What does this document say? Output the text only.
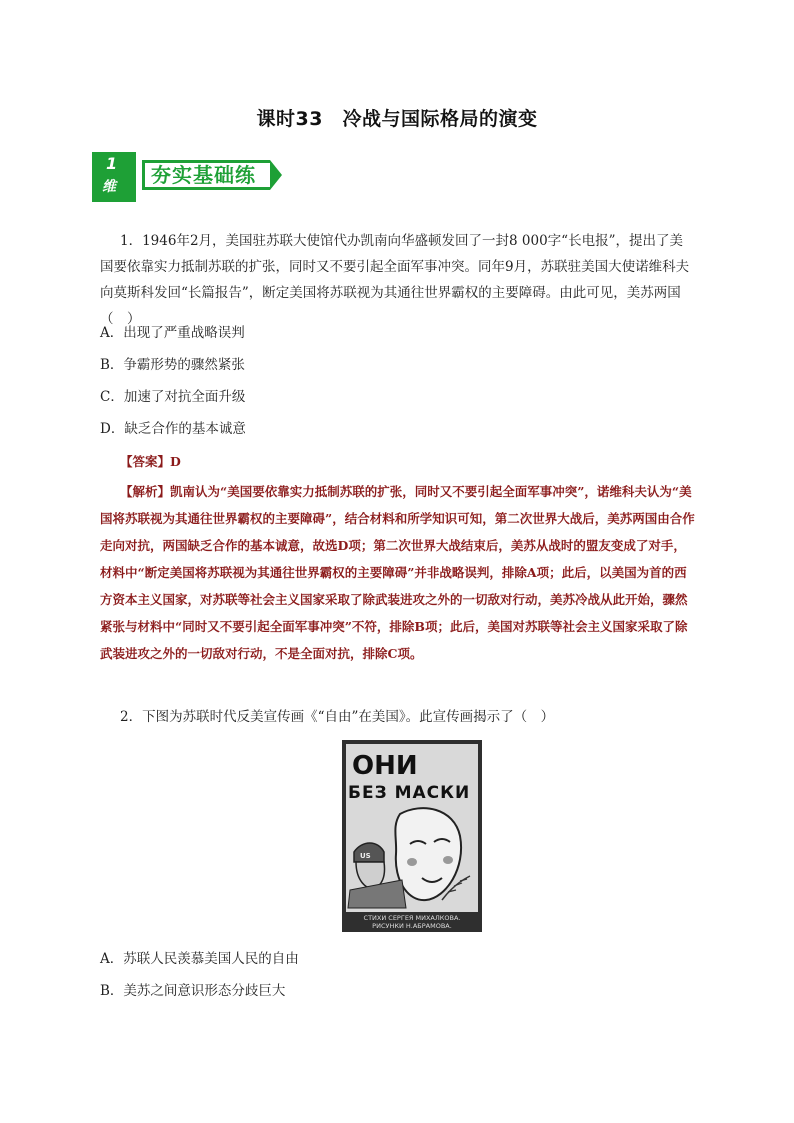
课时33　冷战与国际格局的演变
1
维	夯实基础练
1．1946年2月，美国驻苏联大使馆代办凯南向华盛顿发回了一封8 000字“长电报”，提出了美国要依靠实力抵制苏联的扩张，同时又不要引起全面军事冲突。同年9月，苏联驻美国大使诺维科夫向莫斯科发回“长篇报告”，断定美国将苏联视为其通往世界霸权的主要障碍。由此可见，美苏两国（　）
A．出现了严重战略误判
B．争霸形势的骤然紧张
C．加速了对抗全面升级
D．缺乏合作的基本诚意
【答案】D
【解析】凯南认为“美国要依靠实力抵制苏联的扩张，同时又不要引起全面军事冲突”，诺维科夫认为“美国将苏联视为其通往世界霸权的主要障碍”，结合材料和所学知识可知，第二次世界大战后，美苏两国由合作走向对抗，两国缺乏合作的基本诚意，故选D项；第二次世界大战结束后，美苏从战时的盟友变成了对手，材料中“断定美国将苏联视为其通往世界霸权的主要障碍”并非战略误判，排除A项；此后，以美国为首的西方资本主义国家，对苏联等社会主义国家采取了除武装进攻之外的一切敌对行动，美苏冷战从此开始，骤然紧张与材料中“同时又不要引起全面军事冲突”不符，排除B项；此后，美国对苏联等社会主义国家采取了除武装进攻之外的一切敌对行动，不是全面对抗，排除C项。
2．下图为苏联时代反美宣传画《“自由”在美国》。此宣传画揭示了（　）
ОНИ
БЕЗ МАСКИ
US
СТИХИ СЕРГЕЯ МИХАЛКОВА.
РИСУНКИ Н.АБРАМОВА.
A．苏联人民羡慕美国人民的自由
B．美苏之间意识形态分歧巨大
